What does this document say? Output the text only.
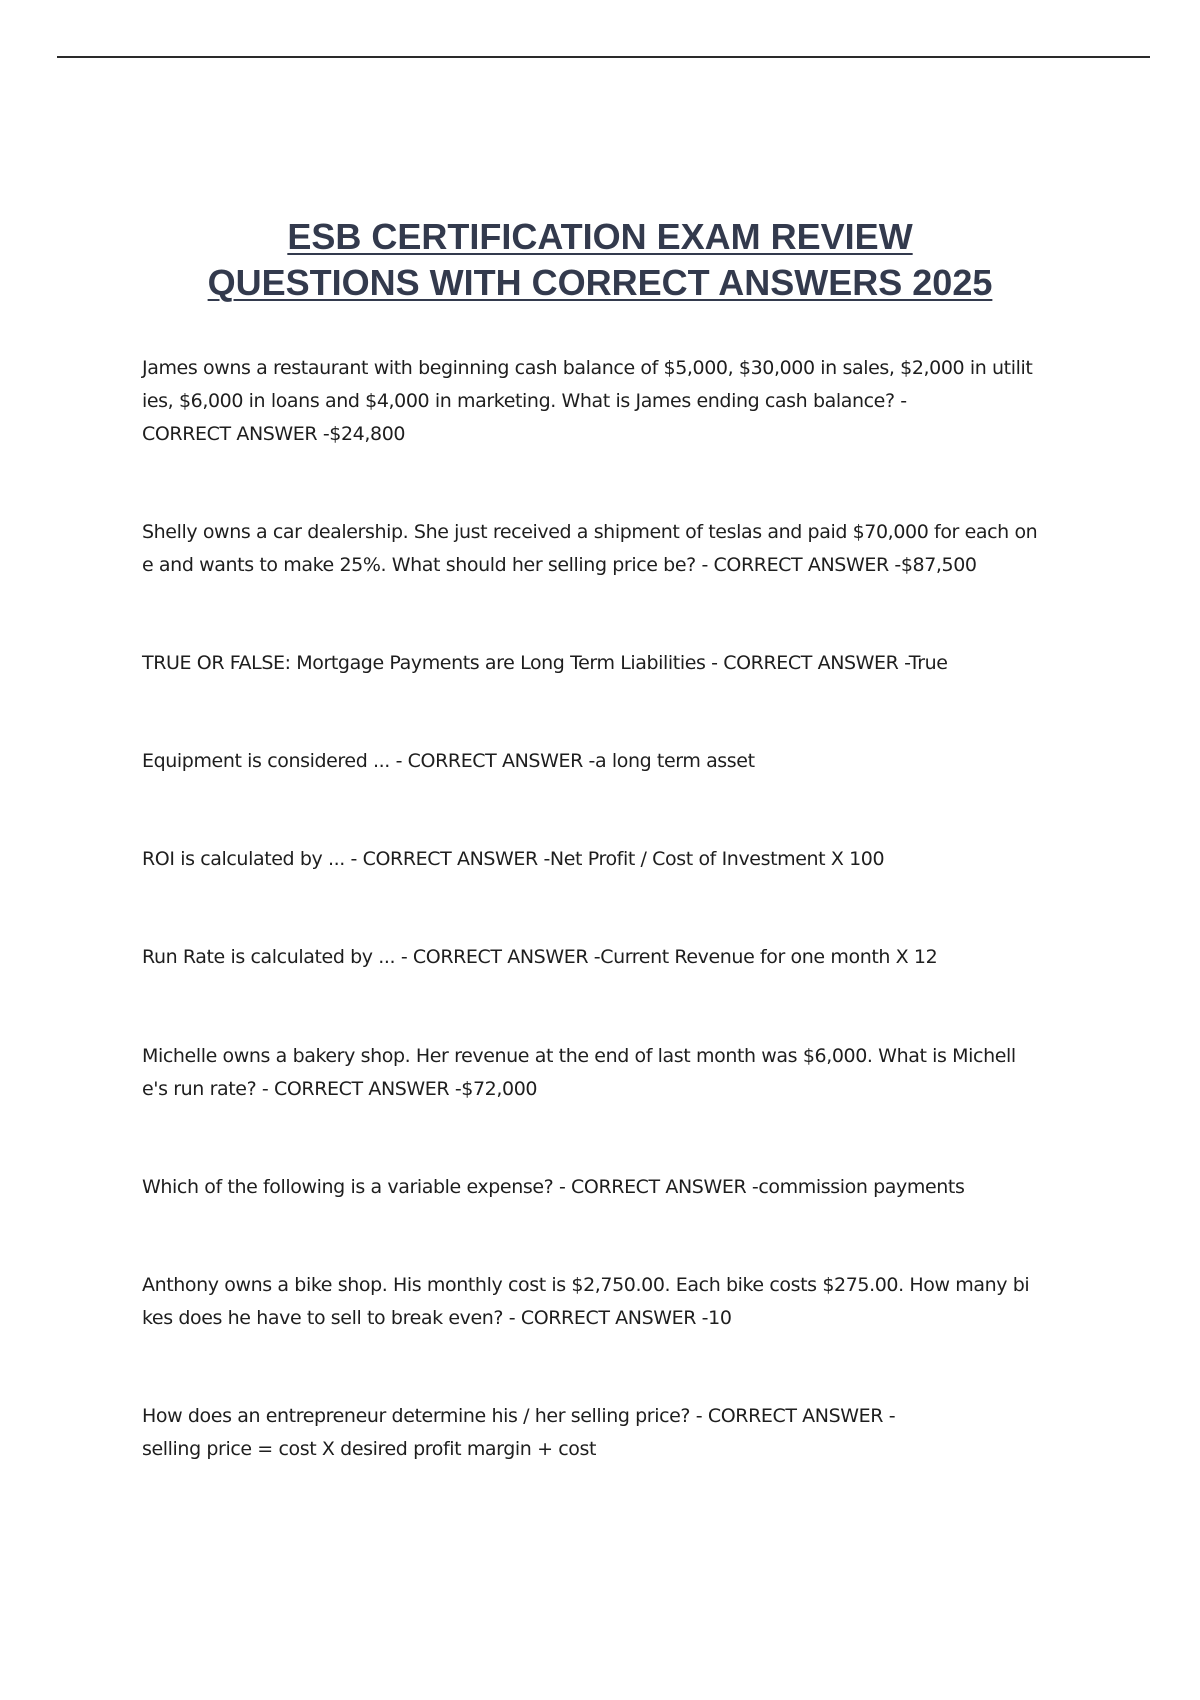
ESB CERTIFICATION EXAM REVIEW
QUESTIONS WITH CORRECT ANSWERS 2025
James owns a restaurant with beginning cash balance of $5,000, $30,000 in sales, $2,000 in utilit
ies, $6,000 in loans and $4,000 in marketing. What is James ending cash balance? -
CORRECT ANSWER -$24,800
Shelly owns a car dealership. She just received a shipment of teslas and paid $70,000 for each on
e and wants to make 25%. What should her selling price be? - CORRECT ANSWER -$87,500
TRUE OR FALSE: Mortgage Payments are Long Term Liabilities - CORRECT ANSWER -True
Equipment is considered ... - CORRECT ANSWER -a long term asset
ROI is calculated by ... - CORRECT ANSWER -Net Profit / Cost of Investment X 100
Run Rate is calculated by ... - CORRECT ANSWER -Current Revenue for one month X 12
Michelle owns a bakery shop. Her revenue at the end of last month was $6,000. What is Michell
e's run rate? - CORRECT ANSWER -$72,000
Which of the following is a variable expense? - CORRECT ANSWER -commission payments
Anthony owns a bike shop. His monthly cost is $2,750.00. Each bike costs $275.00. How many bi
kes does he have to sell to break even? - CORRECT ANSWER -10
How does an entrepreneur determine his / her selling price? - CORRECT ANSWER -
selling price = cost X desired profit margin + cost
